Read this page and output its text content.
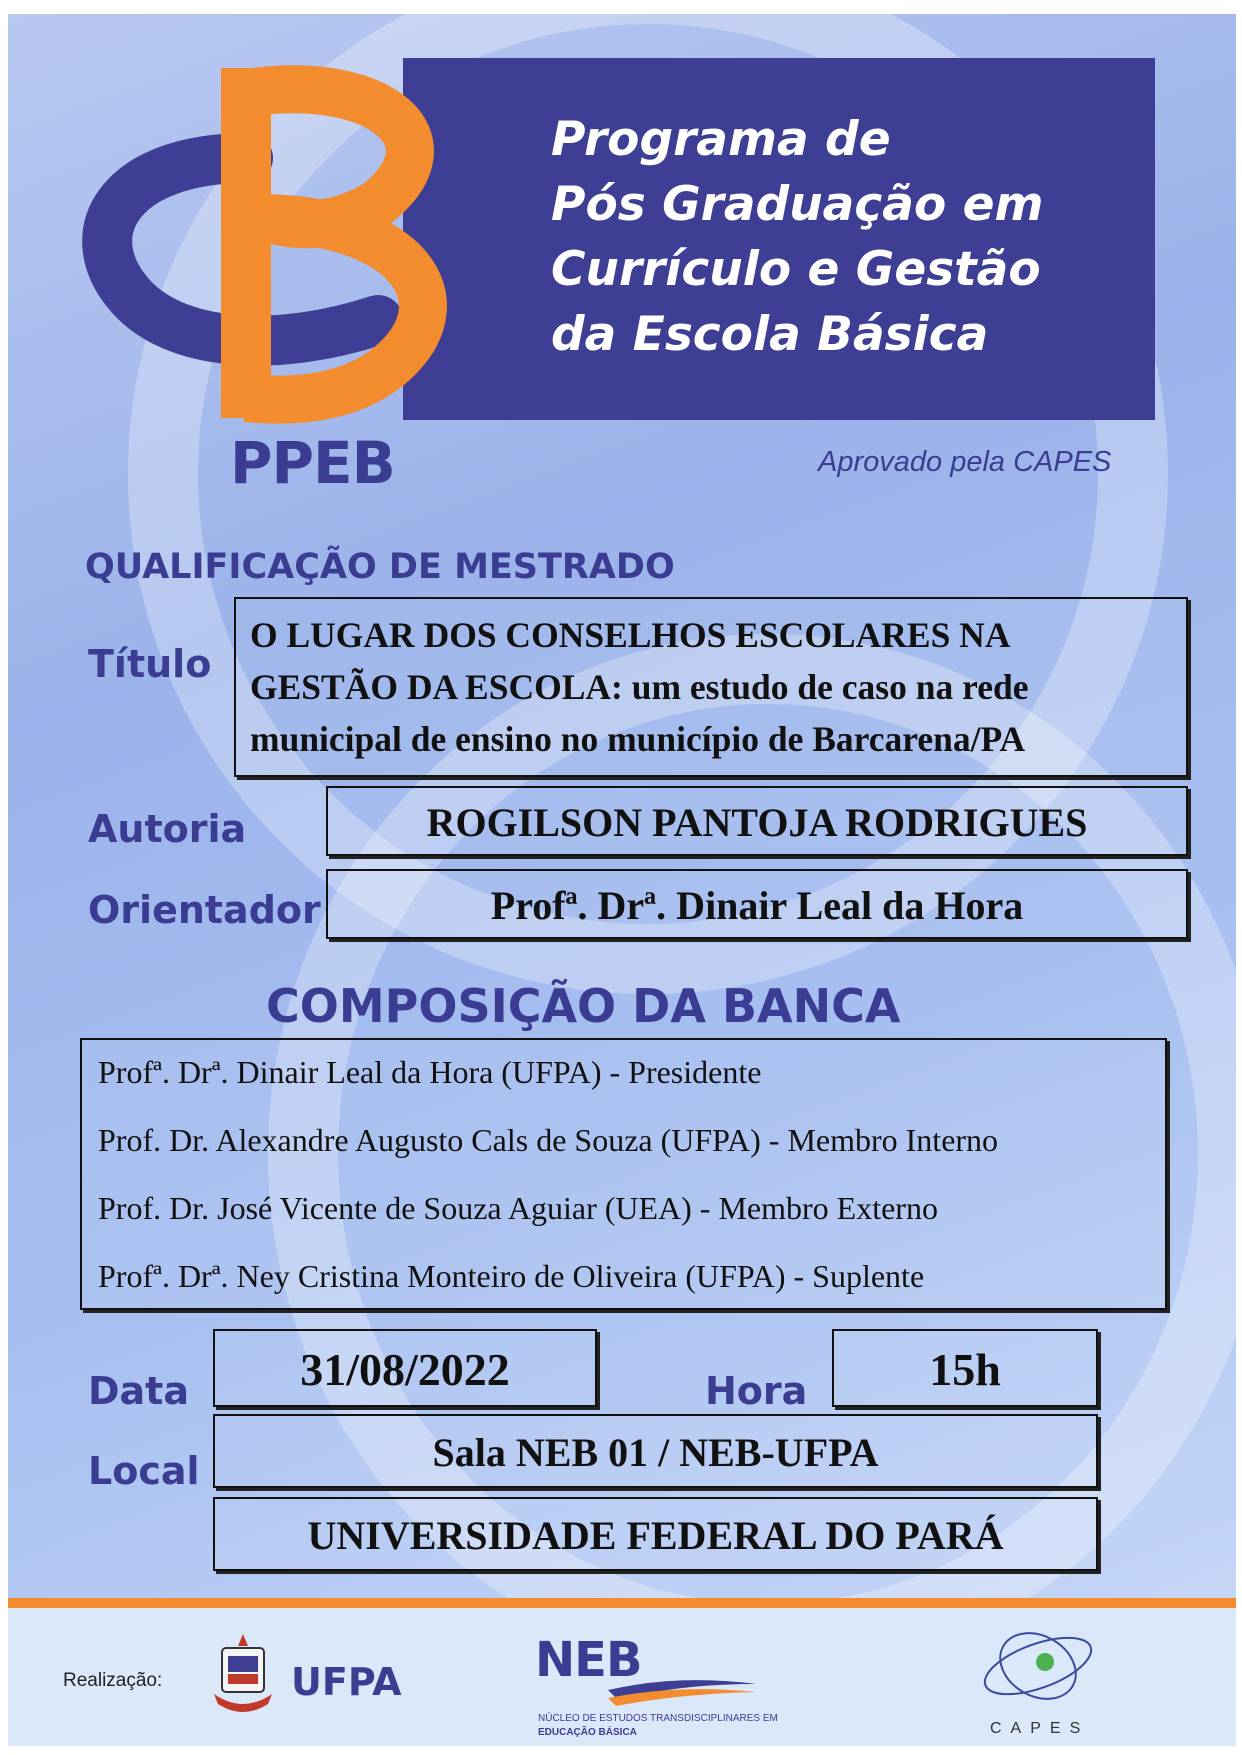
Programa de
Pós Graduação em
Currículo e Gestão
da Escola Básica
PPEB	Aprovado pela CAPES
QUALIFICAÇÃO DE MESTRADO
Título
O LUGAR DOS CONSELHOS ESCOLARES NA
GESTÃO DA ESCOLA: um estudo de caso na rede
municipal de ensino no município de Barcarena/PA
Autoria	ROGILSON PANTOJA RODRIGUES
Orientador	Profª. Drª. Dinair Leal da Hora
COMPOSIÇÃO DA BANCA
Profª. Drª. Dinair Leal da Hora (UFPA) - Presidente
Prof. Dr. Alexandre Augusto Cals de Souza (UFPA) - Membro Interno
Prof. Dr. José Vicente de Souza Aguiar (UEA) - Membro Externo
Profª. Drª. Ney Cristina Monteiro de Oliveira (UFPA) - Suplente
Data	31/08/2022	Hora	15h
Local	Sala NEB 01 / NEB-UFPA
UNIVERSIDADE FEDERAL DO PARÁ
Realização:	UFPA	NEB
NÚCLEO DE ESTUDOS TRANSDISCIPLINARES EM
EDUCAÇÃO BÁSICA	CAPES
